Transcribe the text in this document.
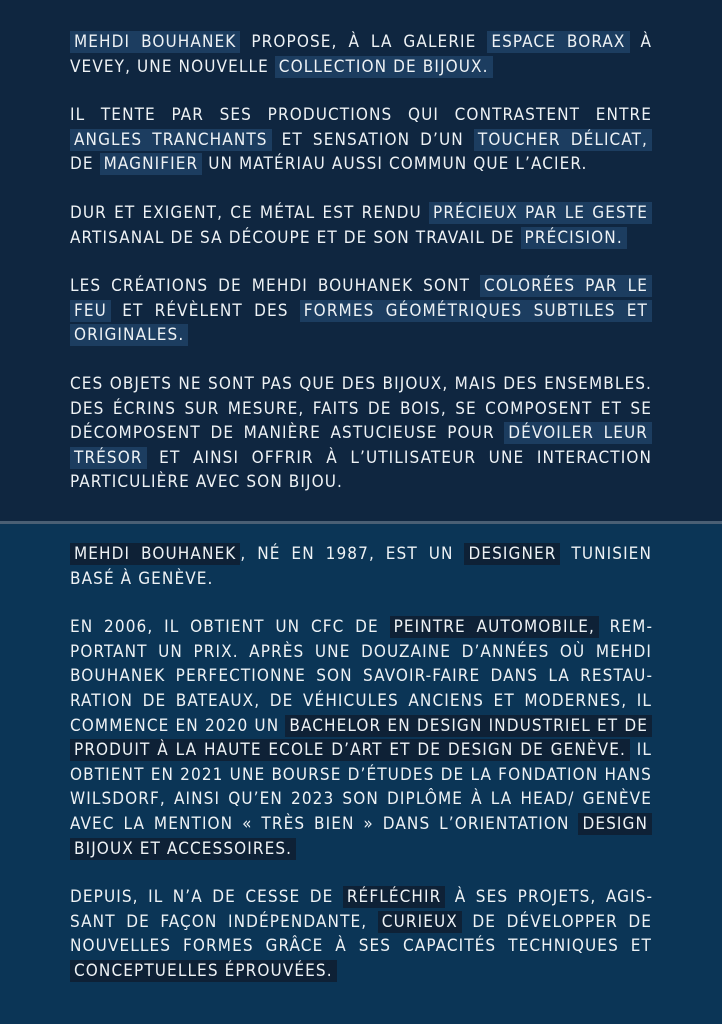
MEHDI BOUHANEK PROPOSE, À LA GALERIE ESPACE BORAX À VEVEY, UNE NOUVELLE COLLECTION DE BIJOUX.

IL TENTE PAR SES PRODUCTIONS QUI CONTRASTENT ENTRE ANGLES TRANCHANTS ET SENSATION D’UN TOUCHER DÉLICAT, DE MAGNIFIER UN MATÉRIAU AUSSI COMMUN QUE L’ACIER.

DUR ET EXIGENT, CE MÉTAL EST RENDU PRÉCIEUX PAR LE GESTE ARTISANAL DE SA DÉCOUPE ET DE SON TRAVAIL DE PRÉCISION.

LES CRÉATIONS DE MEHDI BOUHANEK SONT COLORÉES PAR LE FEU ET RÉVÈLENT DES FORMES GÉOMÉTRIQUES SUBTILES ET ORIGINALES.

CES OBJETS NE SONT PAS QUE DES BIJOUX, MAIS DES ENSEMBLES. DES ÉCRINS SUR MESURE, FAITS DE BOIS, SE COMPOSENT ET SE DÉCOMPOSENT DE MANIÈRE ASTUCIEUSE POUR DÉVOILER LEUR TRÉSOR ET AINSI OFFRIR À L’UTILISATEUR UNE INTERACTION PARTICULIÈRE AVEC SON BIJOU.

MEHDI BOUHANEK , NÉ EN 1987, EST UN DESIGNER TUNISIEN BASÉ À GENÈVE.

EN 2006, IL OBTIENT UN CFC DE PEINTRE AUTOMOBILE, REMPORTANT UN PRIX. APRÈS UNE DOUZAINE D’ANNÉES OÙ MEHDI BOUHANEK PERFECTIONNE SON SAVOIR-FAIRE DANS LA RESTAURATION DE BATEAUX, DE VÉHICULES ANCIENS ET MODERNES, IL COMMENCE EN 2020 UN BACHELOR EN DESIGN INDUSTRIEL ET DE PRODUIT À LA HAUTE ECOLE D’ART ET DE DESIGN DE GENÈVE. IL OBTIENT EN 2021 UNE BOURSE D’ÉTUDES DE LA FONDATION HANS WILSDORF, AINSI QU’EN 2023 SON DIPLÔME À LA HEAD/ GENÈVE AVEC LA MENTION « TRÈS BIEN » DANS L’ORIENTATION DESIGN BIJOUX ET ACCESSOIRES.

DEPUIS, IL N’A DE CESSE DE RÉFLÉCHIR À SES PROJETS, AGISSANT DE FAÇON INDÉPENDANTE, CURIEUX DE DÉVELOPPER DE NOUVELLES FORMES GRÂCE À SES CAPACITÉS TECHNIQUES ET CONCEPTUELLES ÉPROUVÉES.
